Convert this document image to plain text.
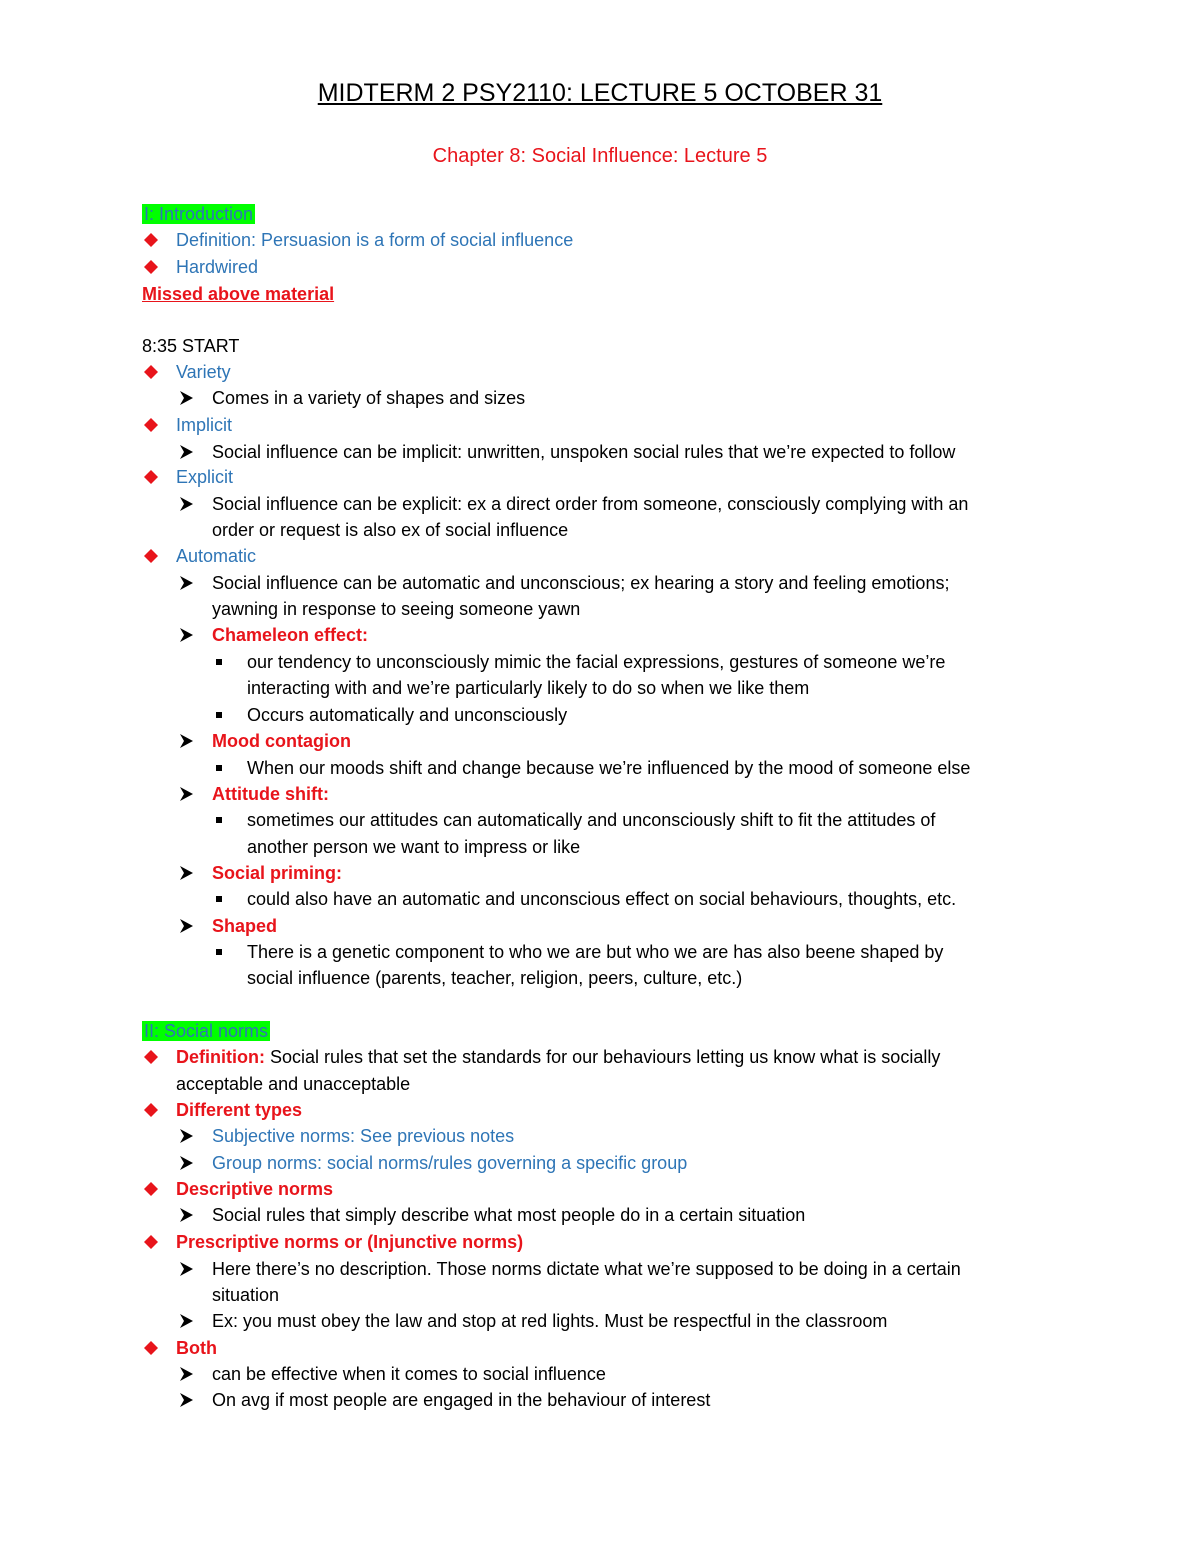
MIDTERM 2 PSY2110: LECTURE 5 OCTOBER 31
Chapter 8: Social Influence: Lecture 5
I: Introduction
Definition: Persuasion is a form of social influence
Hardwired
Missed above material
8:35 START
Variety
Comes in a variety of shapes and sizes
Implicit
Social influence can be implicit: unwritten, unspoken social rules that we’re expected to follow
Explicit
Social influence can be explicit: ex a direct order from someone, consciously complying with an
order or request is also ex of social influence
Automatic
Social influence can be automatic and unconscious; ex hearing a story and feeling emotions;
yawning in response to seeing someone yawn
Chameleon effect:
our tendency to unconsciously mimic the facial expressions, gestures of someone we’re
interacting with and we’re particularly likely to do so when we like them
Occurs automatically and unconsciously
Mood contagion
When our moods shift and change because we’re influenced by the mood of someone else
Attitude shift:
sometimes our attitudes can automatically and unconsciously shift to fit the attitudes of
another person we want to impress or like
Social priming:
could also have an automatic and unconscious effect on social behaviours, thoughts, etc.
Shaped
There is a genetic component to who we are but who we are has also beene shaped by
social influence (parents, teacher, religion, peers, culture, etc.)
II: Social norms
Definition: Social rules that set the standards for our behaviours letting us know what is socially
acceptable and unacceptable
Different types
Subjective norms: See previous notes
Group norms: social norms/rules governing a specific group
Descriptive norms
Social rules that simply describe what most people do in a certain situation
Prescriptive norms or (Injunctive norms)
Here there’s no description. Those norms dictate what we’re supposed to be doing in a certain
situation
Ex: you must obey the law and stop at red lights. Must be respectful in the classroom
Both
can be effective when it comes to social influence
On avg if most people are engaged in the behaviour of interest
